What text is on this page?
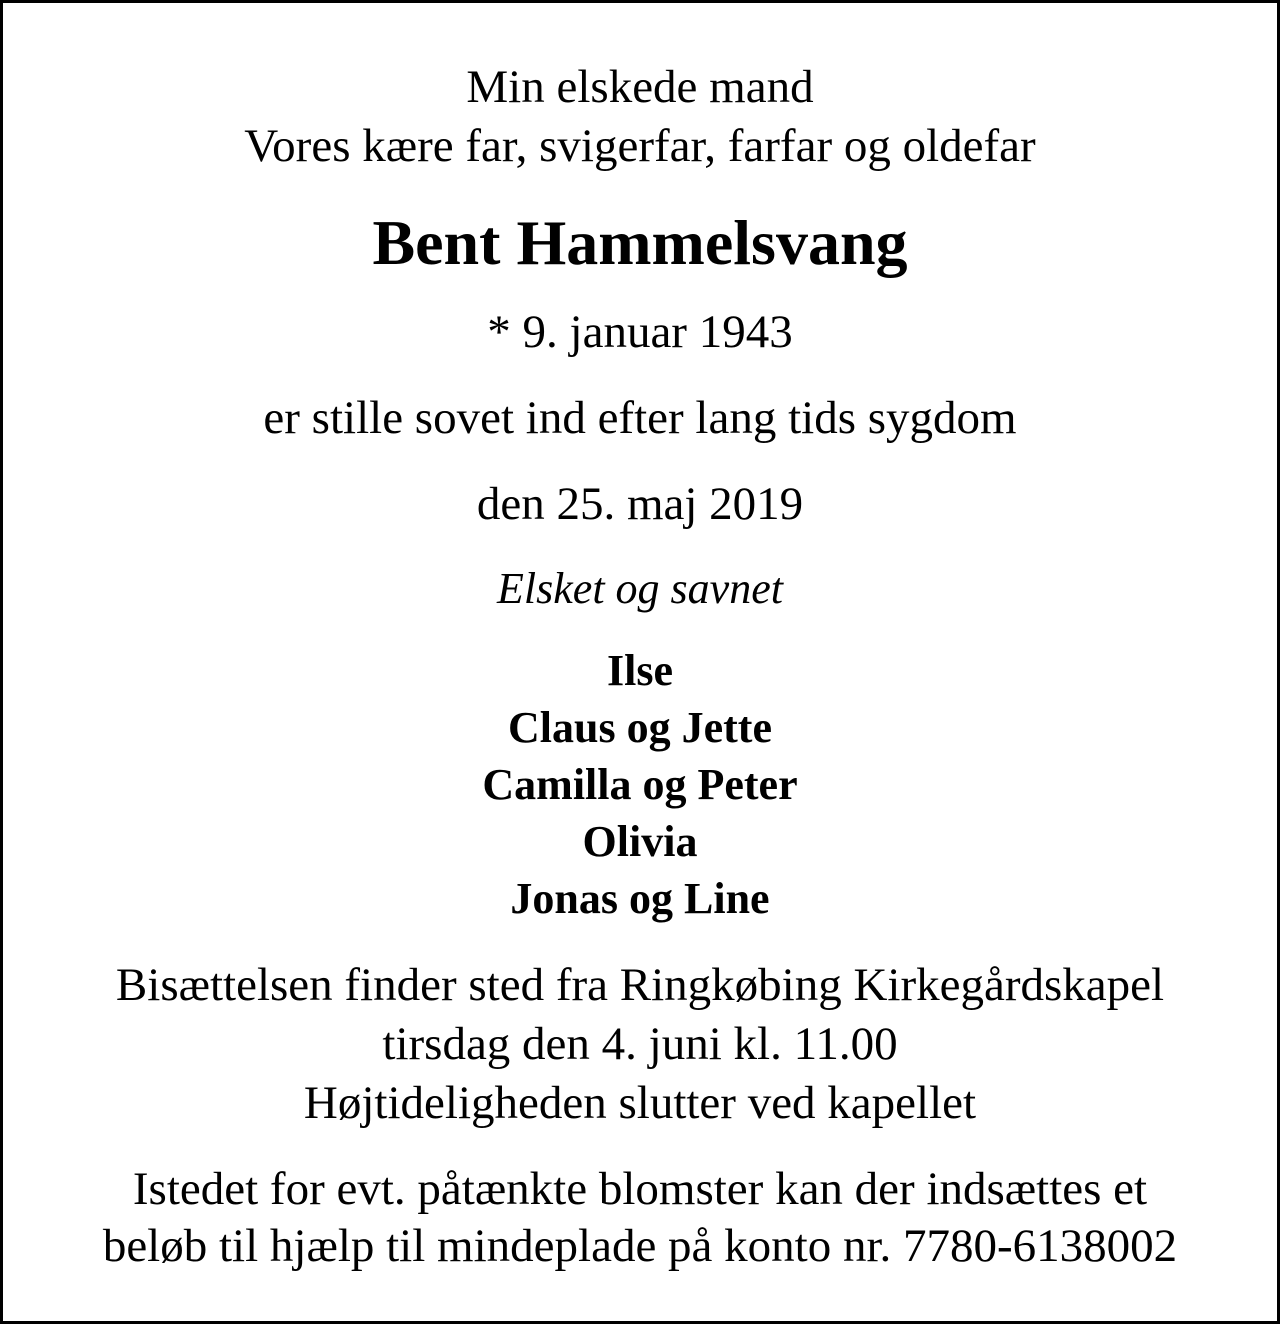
Min elskede mand
Vores kære far, svigerfar, farfar og oldefar
Bent Hammelsvang
* 9. januar 1943
er stille sovet ind efter lang tids sygdom
den 25. maj 2019
Elsket og savnet
Ilse
Claus og Jette
Camilla og Peter
Olivia
Jonas og Line
Bisættelsen finder sted fra Ringkøbing Kirkegårdskapel
tirsdag den 4. juni kl. 11.00
Højtideligheden slutter ved kapellet
Istedet for evt. påtænkte blomster kan der indsættes et
beløb til hjælp til mindeplade på konto nr. 7780-6138002
